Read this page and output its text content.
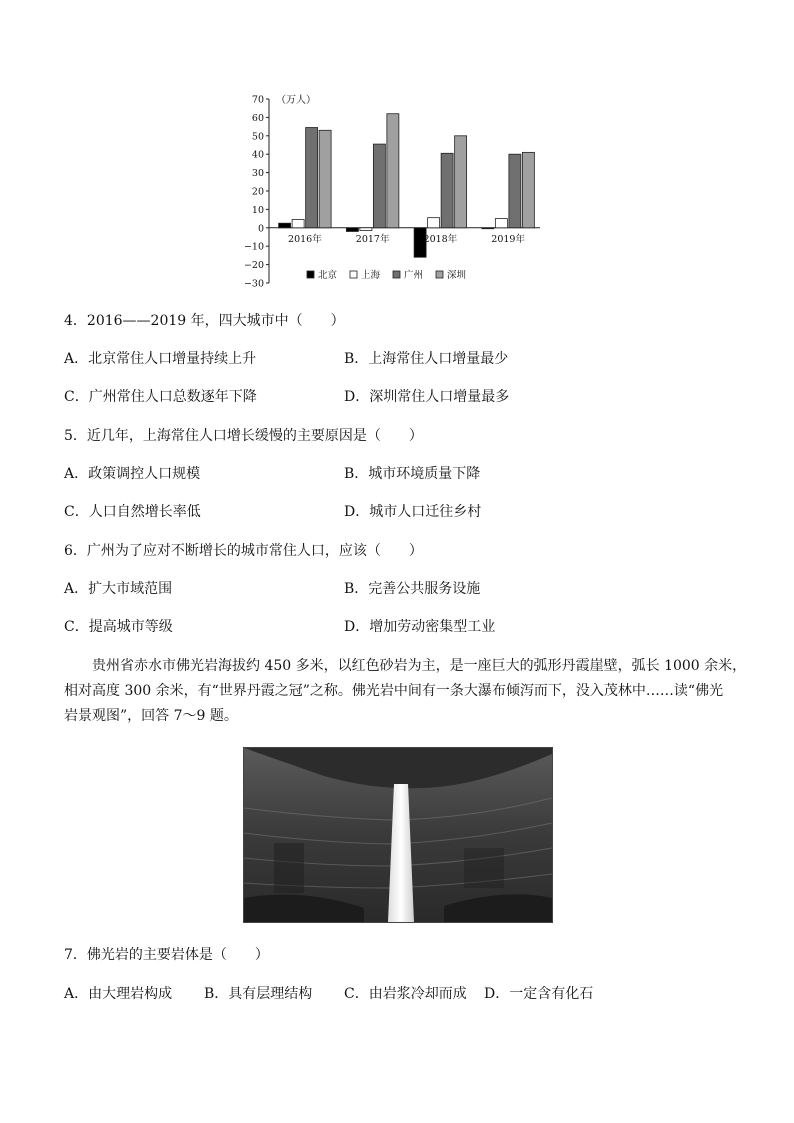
−30
−20
−10
0
10
20
30
40
50
60
70
2016年	2017年	2018年	2019年
（万人）
北京	上海	广州	深圳
4．2016——2019 年，四大城市中（　　）
A．北京常住人口增量持续上升	B．上海常住人口增量最少
C．广州常住人口总数逐年下降	D．深圳常住人口增量最多
5．近几年，上海常住人口增长缓慢的主要原因是（　　）
A．政策调控人口规模	B．城市环境质量下降
C．人口自然增长率低	D．城市人口迁往乡村
6．广州为了应对不断增长的城市常住人口，应该（　　）
A．扩大市域范围	B．完善公共服务设施
C．提高城市等级	D．增加劳动密集型工业
贵州省赤水市佛光岩海拔约 450 多米，以红色砂岩为主，是一座巨大的弧形丹霞崖壁，弧长 1000 余米，
相对高度 300 余米，有“世界丹霞之冠”之称。佛光岩中间有一条大瀑布倾泻而下，没入茂林中……读“佛光
岩景观图”，回答 7～9 题。
7．佛光岩的主要岩体是（　　）
A．由大理岩构成 B．具有层理结构 C．由岩浆冷却而成 D．一定含有化石
